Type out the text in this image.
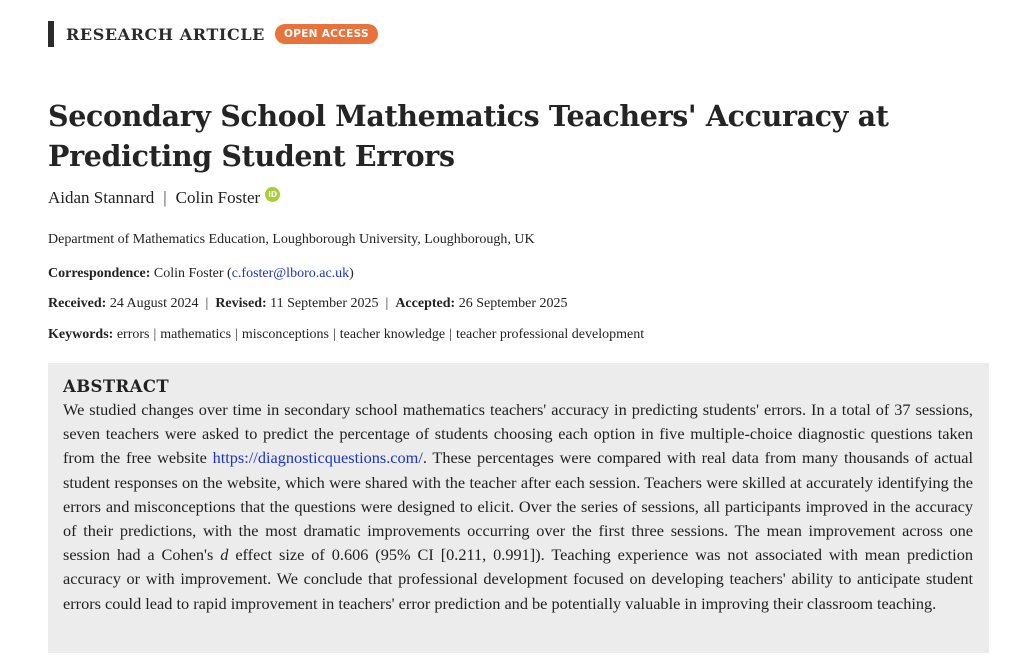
RESEARCH ARTICLE	OPEN ACCESS
Secondary School Mathematics Teachers' Accuracy at Predicting Student Errors
Aidan Stannard | Colin Foster	iD
Department of Mathematics Education, Loughborough University, Loughborough, UK
Correspondence: Colin Foster (c.foster@lboro.ac.uk)
Received: 24 August 2024 | Revised: 11 September 2025 | Accepted: 26 September 2025
Keywords: errors | mathematics | misconceptions | teacher knowledge | teacher professional development
ABSTRACT

We studied changes over time in secondary school mathematics teachers' accuracy in predicting students' errors. In a total of 37 sessions, seven teachers were asked to predict the percentage of students choosing each option in five multiple-choice diagnostic questions taken from the free website https://diagnosticquestions.com/. These percentages were compared with real data from many thousands of actual student responses on the website, which were shared with the teacher after each session. Teachers were skilled at accurately identifying the errors and misconceptions that the questions were designed to elicit. Over the series of sessions, all participants improved in the accuracy of their predictions, with the most dramatic improvements occurring over the first three sessions. The mean improvement across one session had a Cohen's d effect size of 0.606 (95% CI [0.211, 0.991]). Teaching experience was not associated with mean prediction accuracy or with improvement. We conclude that professional development focused on developing teachers' ability to anticipate student errors could lead to rapid improvement in teachers' error prediction and be potentially valuable in improving their classroom teaching.
